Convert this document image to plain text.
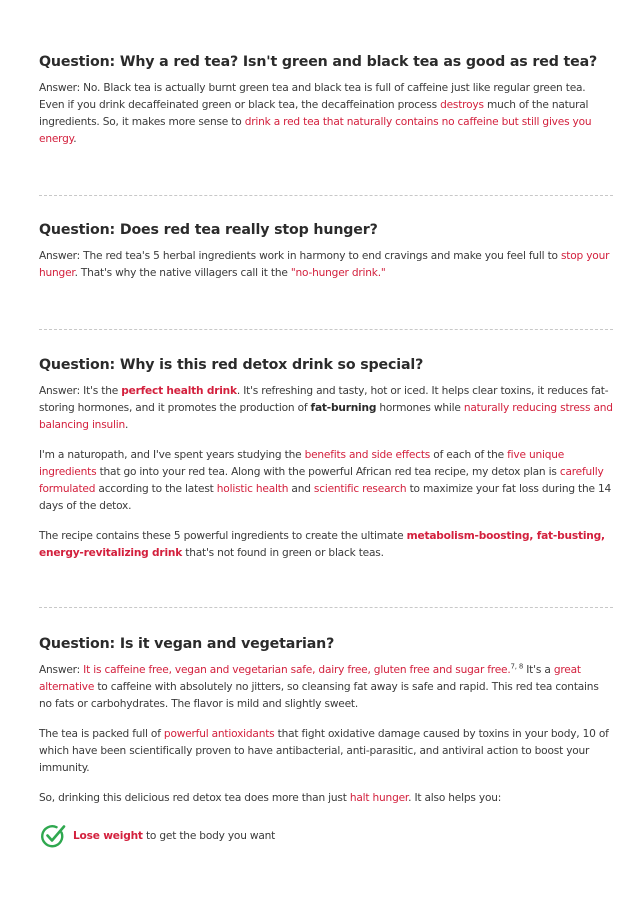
Question: Why a red tea? Isn't green and black tea as good as red tea?

Answer: No. Black tea is actually burnt green tea and black tea is full of caffeine just like regular green tea. Even if you drink decaffeinated green or black tea, the decaffeination process destroys much of the natural ingredients. So, it makes more sense to drink a red tea that naturally contains no caffeine but still gives you energy.

Question: Does red tea really stop hunger?

Answer: The red tea's 5 herbal ingredients work in harmony to end cravings and make you feel full to stop your hunger. That's why the native villagers call it the "no-hunger drink."

Question: Why is this red detox drink so special?

Answer: It's the perfect health drink. It's refreshing and tasty, hot or iced. It helps clear toxins, it reduces fat-storing hormones, and it promotes the production of fat-burning hormones while naturally reducing stress and balancing insulin.

I'm a naturopath, and I've spent years studying the benefits and side effects of each of the five unique ingredients that go into your red tea. Along with the powerful African red tea recipe, my detox plan is carefully formulated according to the latest holistic health and scientific research to maximize your fat loss during the 14 days of the detox.

The recipe contains these 5 powerful ingredients to create the ultimate metabolism-boosting, fat-busting, energy-revitalizing drink that's not found in green or black teas.

Question: Is it vegan and vegetarian?

Answer: It is caffeine free, vegan and vegetarian safe, dairy free, gluten free and sugar free.$^{7, 8}$ It's a great alternative to caffeine with absolutely no jitters, so cleansing fat away is safe and rapid. This red tea contains no fats or carbohydrates. The flavor is mild and slightly sweet.

The tea is packed full of powerful antioxidants that fight oxidative damage caused by toxins in your body, 10 of which have been scientifically proven to have antibacterial, anti-parasitic, and antiviral action to boost your immunity.

So, drinking this delicious red detox tea does more than just halt hunger. It also helps you:

Lose weight to get the body you want
